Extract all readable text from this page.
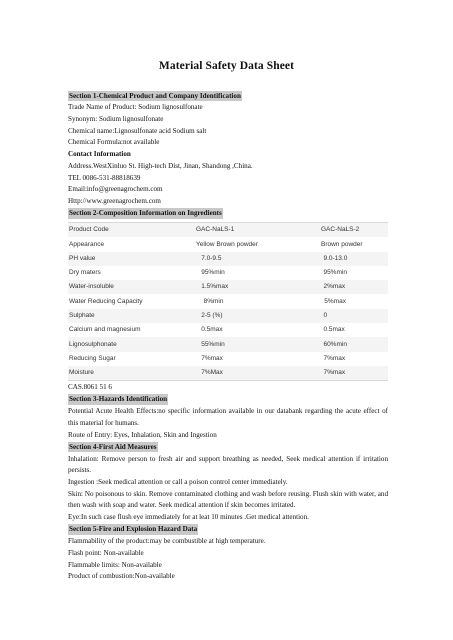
Material Safety Data Sheet
Section 1-Chemical Product and Company Identification
Trade Name of Product: Sodium lignosulfonate
Synonym: Sodium lignosulfonate
Chemical name:Lignosulfonate acid Sodium salt
Chemical Formula:not available
Contact Information
Address.WestXinluo St. High-tech Dist, Jinan, Shandong ,China.
TEL 0086-531-88818639
Email:info@greenagrochem.com
Http://www.greenagrochem.com
Section 2-Composition Information on Ingredients
Product Code	GAC-NaLS-1	GAC-NaLS-2
Appearance	Yellow Brown powder	Brown powder
PH value	7.0-9.5	9.0-13.0
Dry maters	95%min	95%min
Water-insoluble	1.5%max	2%max
Water Reducing Capacity	8%min	5%max
Sulphate	2-5 (%)	0
Calcium and magnesium	0.5max	0.5max
Lignosulphonate	55%min	60%min
Reducing Sugar	7%max	7%max
Moisture	7%Max	7%max
CAS.8061 51 6
Section 3-Hazards Identification
Potential Acute Health Effects:no specific information available in our databank regarding the acute effect of this material for humans.
Route of Entry: Eyes, Inhalation, Skin and Ingestion
Section 4-First Aid Measures
Inhalation: Remove person to fresh air and support breathing as needed, Seek medical attention if irritation persists.
Ingestion :Seek medical attention or call a poison control center immediately.
Skin: No poisonous to skin. Remove contaminated clothing and wash before reusing. Flush skin with water, and then wash with soap and water. Seek medical attention if skin becomes irritated.
Eye:In such case flush eye immediately for at leat 10 minutes .Get medical attention.
Section 5-Fire and Explosion Hazard Data
Flammability of the product:may be combustible at high temperature.
Flash point: Non-available
Flammable limits: Non-available
Product of combustion:Non-available
